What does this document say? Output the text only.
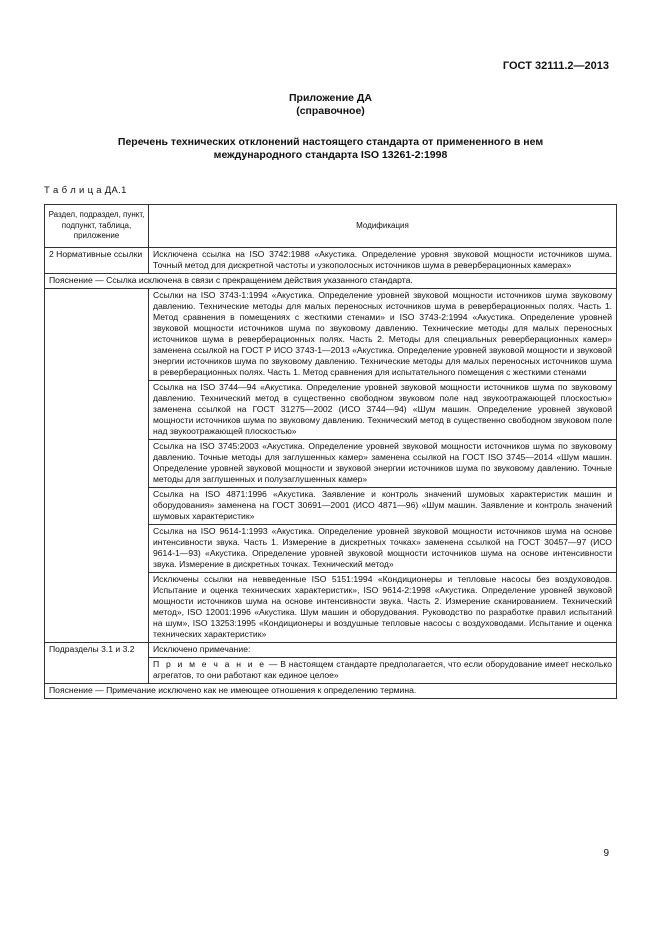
ГОСТ 32111.2—2013
Приложение ДА
(справочное)
Перечень технических отклонений настоящего стандарта от примененного в нем
международного стандарта ISO 13261-2:1998
Т а б л и ц а ДА.1
Раздел, подраздел, пункт, подпункт, таблица, приложение	Модификация
2 Нормативные ссылки	Исключена ссылка на ISO 3742:1988 «Акустика. Определение уровня звуковой мощности источников шума. Точный метод для дискретной частоты и узкополосных источников шума в реверберационных камерах»
Пояснение — Ссылка исключена в связи с прекращением действия указанного стандарта.	
	Ссылки на ISO 3743-1:1994 «Акустика. Определение уровней звуковой мощности источников шума звуковому давлению. Технические методы для малых переносных источников шума в реверберационных полях. Часть 1. Метод сравнения в помещениях с жесткими стенами» и ISO 3743-2:1994 «Акустика. Определение уровней звуковой мощности источников шума по звуковому давлению. Технические методы для малых переносных источников шума в реверберационных полях. Часть 2. Методы для специальных реверберационных камер» заменена ссылкой на ГОСТ Р ИСО 3743-1—2013 «Акустика. Определение уровней звуковой мощности и звуковой энергии источников шума по звуковому давлению. Технические методы для малых переносных источников шума в реверберационных полях. Часть 1. Метод сравнения для испытательного помещения с жесткими стенами
	Ссылка на ISO 3744—94 «Акустика. Определение уровней звуковой мощности источников шума по звуковому давлению. Технический метод в существенно свободном звуковом поле над звукоотражающей плоскостью» заменена ссылкой на ГОСТ 31275—2002 (ИСО 3744—94) «Шум машин. Определение уровней звуковой мощности источников шума по звуковому давлению. Технический метод в существенно свободном звуковом поле над звукоотражающей плоскостью»
	Ссылка на ISO 3745:2003 «Акустика. Определение уровней звуковой мощности источников шума по звуковому давлению. Точные методы для заглушенных камер» заменена ссылкой на ГОСТ ISO 3745—2014 «Шум машин. Определение уровней звуковой мощности и звуковой энергии источников шума по звуковому давлению. Точные методы для заглушенных и полузаглушенных камер»
	Ссылка на ISO 4871:1996 «Акустика. Заявление и контроль значений шумовых характеристик машин и оборудования» заменена на ГОСТ 30691—2001 (ИСО 4871—96) «Шум машин. Заявление и контроль значений шумовых характеристик»
	Ссылка на ISO 9614-1:1993 «Акустика. Определение уровней звуковой мощности источников шума на основе интенсивности звука. Часть 1. Измерение в дискретных точках» заменена ссылкой на ГОСТ 30457—97 (ИСО 9614-1—93) «Акустика. Определение уровней звуковой мощности источников шума на основе интенсивности звука. Измерение в дискретных точках. Технический метод»
	Исключены ссылки на невведенные ISO 5151:1994 «Кондиционеры и тепловые насосы без воздуховодов. Испытание и оценка технических характеристик», ISO 9614-2:1998 «Акустика. Определение уровней звуковой мощности источников шума на основе интенсивности звука. Часть 2. Измерение сканированием. Технический метод», ISO 12001:1996 «Акустика. Шум машин и оборудования. Руководство по разработке правил испытаний на шум», ISO 13253:1995 «Кондиционеры и воздушные тепловые насосы с воздуховодами. Испытание и оценка технических характеристик»
Подразделы 3.1 и 3.2	Исключено примечание:
	П р и м е ч а н и е — В настоящем стандарте предполагается, что если оборудование имеет несколько агрегатов, то они работают как единое целое»
Пояснение — Примечание исключено как не имеющее отношения к определению термина.	
9
